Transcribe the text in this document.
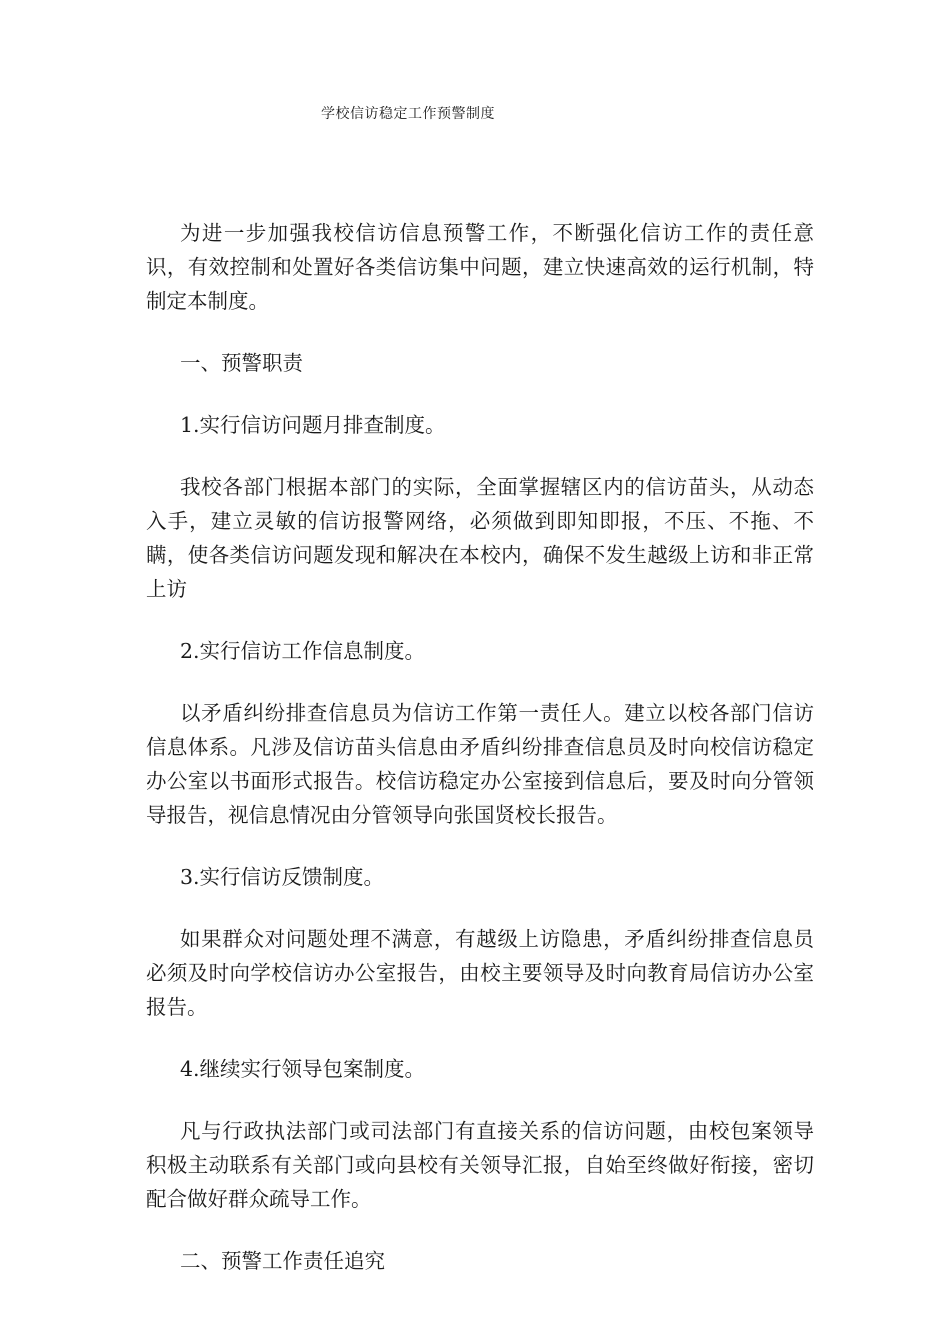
学校信访稳定工作预警制度

为进一步加强我校信访信息预警工作，不断强化信访工作的责任意识，有效控制和处置好各类信访集中问题，建立快速高效的运行机制，特制定本制度。

一、预警职责

1.实行信访问题月排查制度。

我校各部门根据本部门的实际，全面掌握辖区内的信访苗头，从动态入手，建立灵敏的信访报警网络，必须做到即知即报，不压、不拖、不瞒，使各类信访问题发现和解决在本校内，确保不发生越级上访和非正常上访

2.实行信访工作信息制度。

以矛盾纠纷排查信息员为信访工作第一责任人。建立以校各部门信访信息体系。凡涉及信访苗头信息由矛盾纠纷排查信息员及时向校信访稳定办公室以书面形式报告。校信访稳定办公室接到信息后，要及时向分管领导报告，视信息情况由分管领导向张国贤校长报告。

3.实行信访反馈制度。

如果群众对问题处理不满意，有越级上访隐患，矛盾纠纷排查信息员必须及时向学校信访办公室报告，由校主要领导及时向教育局信访办公室报告。

4.继续实行领导包案制度。

凡与行政执法部门或司法部门有直接关系的信访问题，由校包案领导积极主动联系有关部门或向县校有关领导汇报，自始至终做好衔接，密切配合做好群众疏导工作。

二、预警工作责任追究
